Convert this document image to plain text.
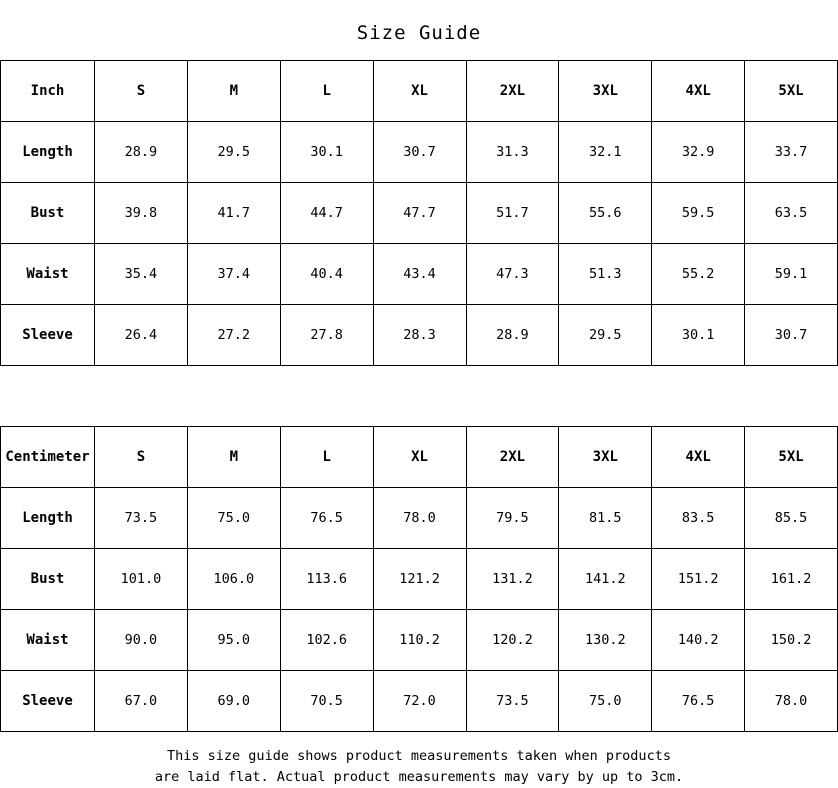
Size Guide
Inch	S	M	L	XL	2XL	3XL	4XL	5XL
Length	28.9	29.5	30.1	30.7	31.3	32.1	32.9	33.7
Bust	39.8	41.7	44.7	47.7	51.7	55.6	59.5	63.5
Waist	35.4	37.4	40.4	43.4	47.3	51.3	55.2	59.1
Sleeve	26.4	27.2	27.8	28.3	28.9	29.5	30.1	30.7
Centimeter	S	M	L	XL	2XL	3XL	4XL	5XL
Length	73.5	75.0	76.5	78.0	79.5	81.5	83.5	85.5
Bust	101.0	106.0	113.6	121.2	131.2	141.2	151.2	161.2
Waist	90.0	95.0	102.6	110.2	120.2	130.2	140.2	150.2
Sleeve	67.0	69.0	70.5	72.0	73.5	75.0	76.5	78.0
This size guide shows product measurements taken when products
are laid flat. Actual product measurements may vary by up to 3cm.
